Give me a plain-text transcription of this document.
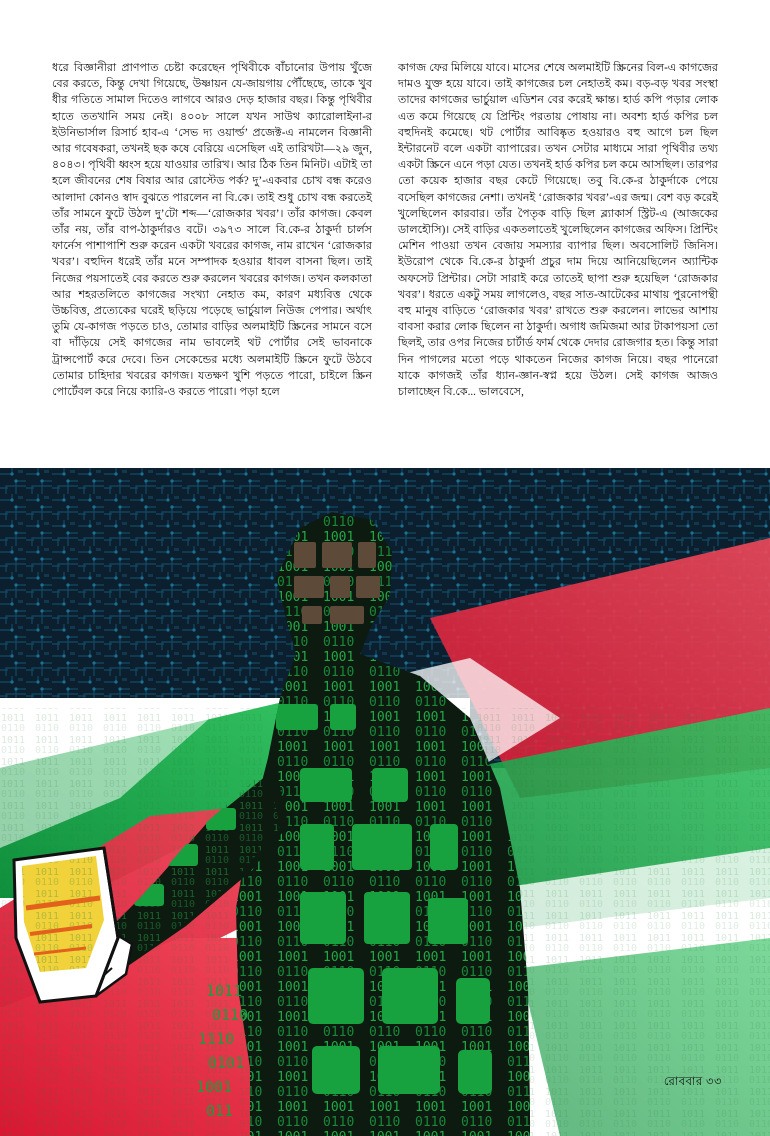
ধরে বিজ্ঞানীরা প্রাণপাত চেষ্টা করেছেন পৃথিবীকে বাঁচানোর উপায় খুঁজে বের করতে, কিন্তু দেখা গিয়েছে, উষ্ণায়ন যে-জায়গায় পৌঁছেছে, তাকে খুব ধীর গতিতে সামাল দিতেও লাগবে আরও দেড় হাজার বছর। কিন্তু পৃথিবীর হাতে ততখানি সময় নেই। ৪০০৮ সালে যখন সাউথ ক্যারোলাইনা-র ইউনিভার্সাল রিসার্চ হাব-এ ‘সেভ দ্য ওয়ার্ল্ড’ প্রজেক্ট-এ নামলেন বিজ্ঞানী আর গবেষকরা, তখনই ছক কষে বেরিয়ে এসেছিল এই তারিখটা—২৯ জুন, ৪০৪৩। পৃথিবী ধ্বংস হয়ে যাওয়ার তারিখ। আর ঠিক তিন মিনিট। এটাই তা হলে জীবনের শেষ বিষার আর রোস্টেড পর্ক? দু’-একবার চোখ বন্ধ করেও আলাদা কোনও স্বাদ বুঝতে পারলেন না বি.কে। তাই শুধু চোখ বন্ধ করতেই তাঁর সামনে ফুটে উঠল দু’টো শব্দ—‘রোজকার খবর’। তাঁর কাগজ। কেবল তাঁর নয়, তাঁর বাপ-ঠাকুর্দারও বটে। ৩৯৭৩ সালে বি.কে-র ঠাকুর্দা চার্লস ফার্নেস পাশাপাশি শুরু করেন একটা খবরের কাগজ, নাম রাখেন ‘রোজকার খবর’। বহুদিন ধরেই তাঁর মনে সম্পাদক হওয়ার ধাবল বাসনা ছিল। তাই নিজের পয়সাতেই বের করতে শুরু করলেন খবরের কাগজ। তখন কলকাতা আর শহরতলিতে কাগজের সংখ্যা নেহাত কম, কারণ মধ্যবিত্ত থেকে উচ্চবিত্ত, প্রত্যেকের ঘরেই ছড়িয়ে পড়েছে ভার্চুয়াল নিউজ পেপার। অর্থাৎ তুমি যে-কাগজ পড়তে চাও, তোমার বাড়ির অলমাইটি স্ক্রিনের সামনে বসে বা দাঁড়িয়ে সেই কাগজের নাম ভাবলেই থট পোর্টার সেই ভাবনাকে ট্রান্সপোর্ট করে দেবে। তিন সেকেন্ডের মধ্যে অলমাইটি স্ক্রিনে ফুটে উঠবে তোমার চাহিদার খবরের কাগজ। যতক্ষণ খুশি পড়তে পারো, চাইলে স্ক্রিন পোর্টেবল করে নিয়ে ক্যারি-ও করতে পারো। পড়া হলে

কাগজ ফের মিলিয়ে যাবে। মাসের শেষে অলমাইটি স্ক্রিনের বিল-এ কাগজের দামও যুক্ত হয়ে যাবে। তাই কাগজের চল নেহাতই কম। বড়-বড় খবর সংস্থা তাদের কাগজের ভার্চুয়াল এডিশন বের করেই ক্ষান্ত। হার্ড কপি পড়ার লোক এত কমে গিয়েছে যে প্রিন্টিং পরতায় পোষায় না। অবশ্য হার্ড কপির চল বহুদিনই কমেছে। থট পোর্টার আবিষ্কৃত হওয়ারও বহু আগে চল ছিল ইন্টারনেট বলে একটা ব্যাপারের। তখন সেটার মাধ্যমে সারা পৃথিবীর তথ্য একটা স্ক্রিনে এনে পড়া যেত। তখনই হার্ড কপির চল কমে আসছিল। তারপর তো কয়েক হাজার বছর কেটে গিয়েছে। তবু বি.কে-র ঠাকুর্দাকে পেয়ে বসেছিল কাগজের নেশা। তখনই ‘রোজকার খবর’-এর জন্ম। বেশ বড় করেই খুলেছিলেন কারবার। তাঁর পৈতৃক বাড়ি ছিল ব্ল্যাকার্স স্ট্রিট-এ (আজকের ডালহৌসি)। সেই বাড়ির একতলাতেই খুলেছিলেন কাগজের অফিস। প্রিন্টিং মেশিন পাওয়া তখন বেজায় সমস্যার ব্যাপার ছিল। অবসোলিট জিনিস। ইউরোপ থেকে বি.কে-র ঠাকুর্দা প্রচুর দাম দিয়ে আনিয়েছিলেন অ্যান্টিক অফসেট প্রিন্টার। সেটা সারাই করে তাতেই ছাপা শুরু হয়েছিল ‘রোজকার খবর’। ধরতে একটু সময় লাগলেও, বছর সাত-আটেকের মাথায় পুরনোপন্থী বহু মানুষ বাড়িতে ‘রোজকার খবর’ রাখতে শুরু করলেন। লাভের আশায় বাবসা করার লোক ছিলেন না ঠাকুর্দা। অগাধ জমিজমা আর টাকাপয়সা তো ছিলই, তার ওপর নিজের চার্টার্ড ফার্ম থেকে দেদার রোজগার হত। কিন্তু সারা দিন পাগলের মতো পড়ে থাকতেন নিজের কাগজ নিয়ে। বছর পানেরো যাকে কাগজই তাঁর ধ্যান-জ্ঞান-স্বপ্ন হয়ে উঠল। সেই কাগজ আজও চালাচ্ছেন বি.কে... ভালবেসে,

1011
0110
1110
0101
1001
011
রোববার ৩৩
